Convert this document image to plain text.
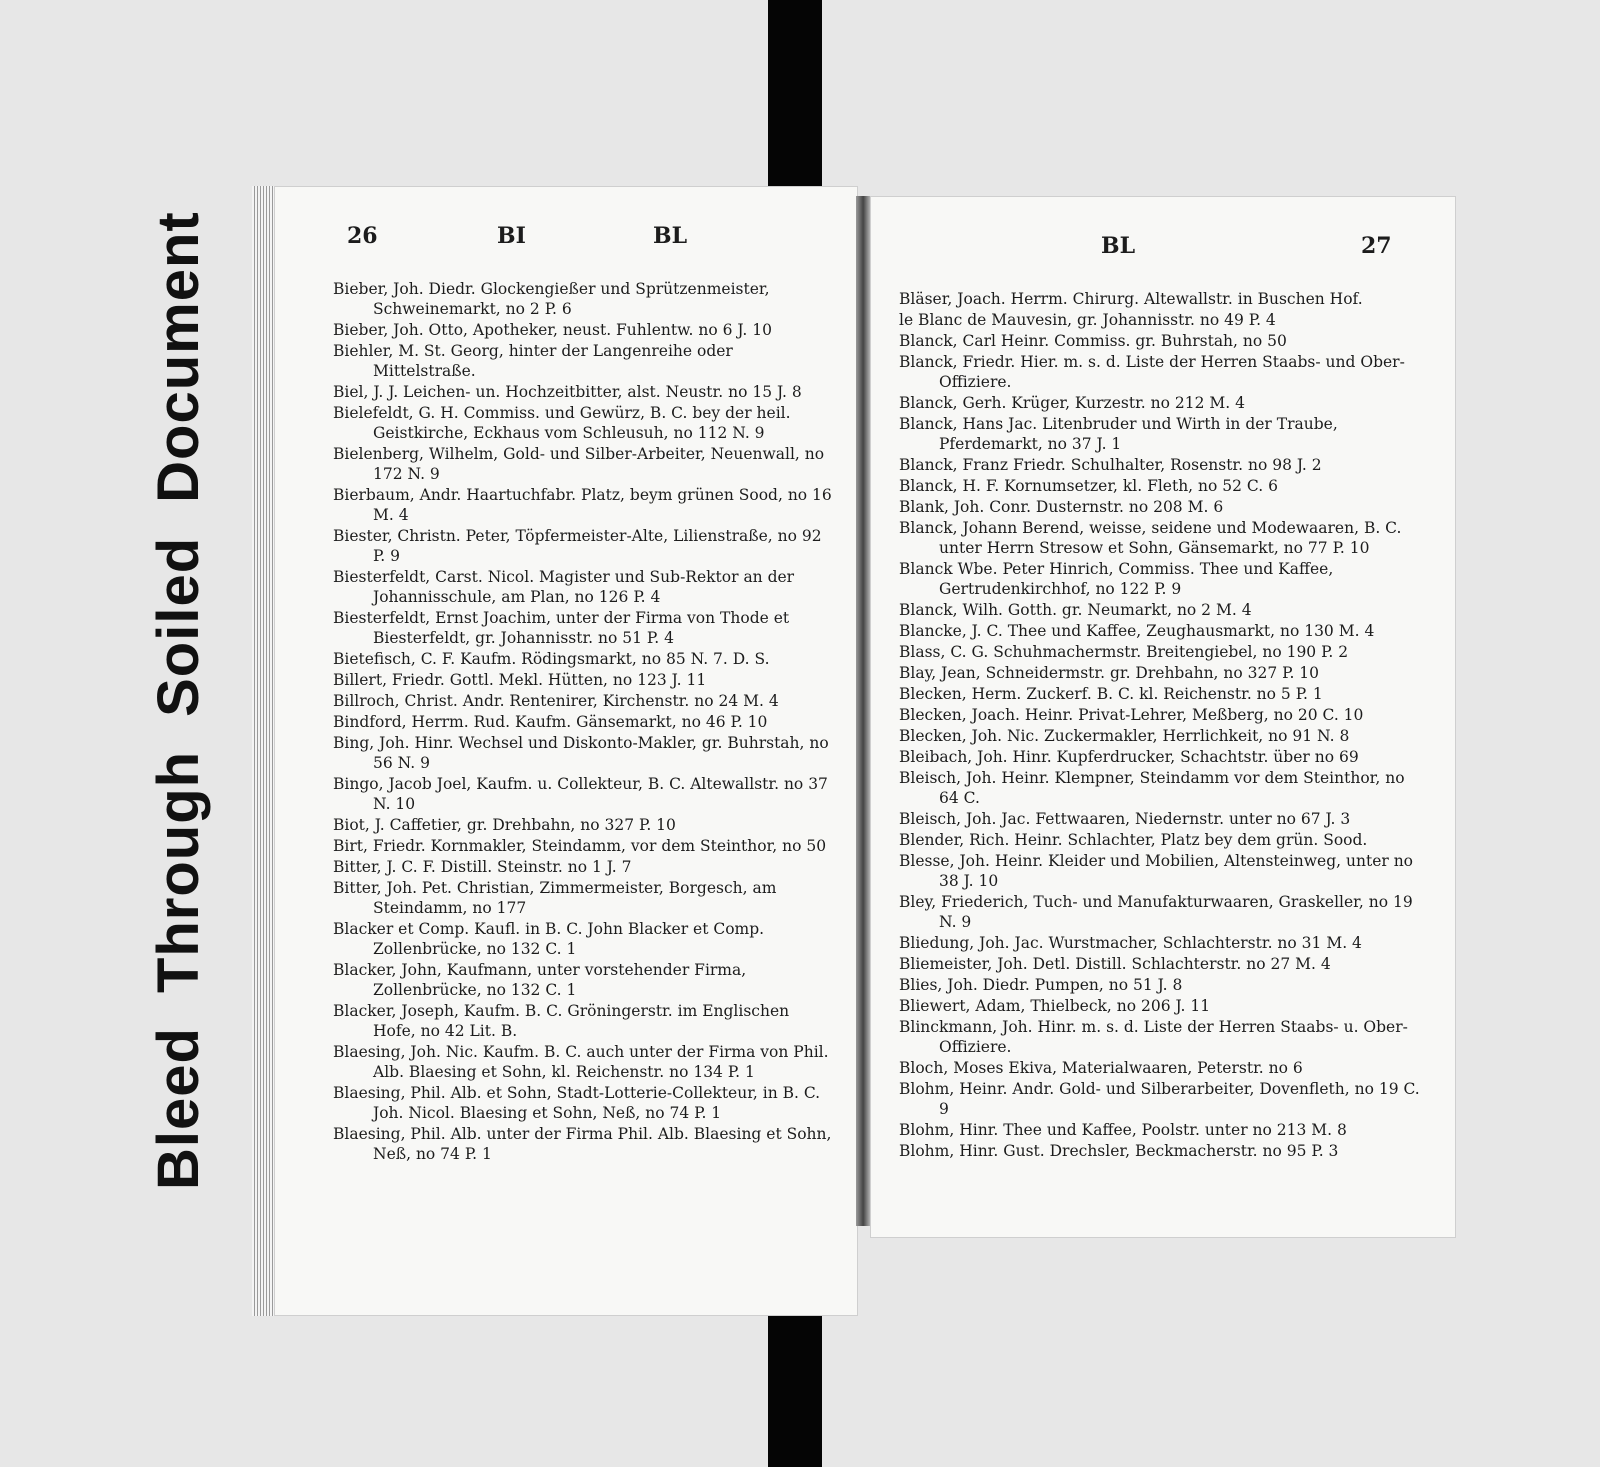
BleedThroughSoiledDocument	26	BI	BL

Bieber, Joh. Diedr. Glockengießer und Sprützenmeister, Schweinemarkt, no 2 P. 6

Bieber, Joh. Otto, Apotheker, neust. Fuhlentw. no 6 J. 10

Biehler, M. St. Georg, hinter der Langenreihe oder Mittelstraße.

Biel, J. J. Leichen- un. Hochzeitbitter, alst. Neustr. no 15 J. 8

Bielefeldt, G. H. Commiss. und Gewürz, B. C. bey der heil. Geistkirche, Eckhaus vom Schleusuh, no 112 N. 9

Bielenberg, Wilhelm, Gold- und Silber-Arbeiter, Neuenwall, no 172 N. 9

Bierbaum, Andr. Haartuchfabr. Platz, beym grünen Sood, no 16 M. 4

Biester, Christn. Peter, Töpfermeister-Alte, Lilienstraße, no 92 P. 9

Biesterfeldt, Carst. Nicol. Magister und Sub-Rektor an der Johannisschule, am Plan, no 126 P. 4

Biesterfeldt, Ernst Joachim, unter der Firma von Thode et Biesterfeldt, gr. Johannisstr. no 51 P. 4

Bietefisch, C. F. Kaufm. Rödingsmarkt, no 85 N. 7. D. S.

Billert, Friedr. Gottl. Mekl. Hütten, no 123 J. 11

Billroch, Christ. Andr. Rentenirer, Kirchenstr. no 24 M. 4

Bindford, Herrm. Rud. Kaufm. Gänsemarkt, no 46 P. 10

Bing, Joh. Hinr. Wechsel und Diskonto-Makler, gr. Buhrstah, no 56 N. 9

Bingo, Jacob Joel, Kaufm. u. Collekteur, B. C. Altewallstr. no 37 N. 10

Biot, J. Caffetier, gr. Drehbahn, no 327 P. 10

Birt, Friedr. Kornmakler, Steindamm, vor dem Steinthor, no 50

Bitter, J. C. F. Distill. Steinstr. no 1 J. 7

Bitter, Joh. Pet. Christian, Zimmermeister, Borgesch, am Steindamm, no 177

Blacker et Comp. Kaufl. in B. C. John Blacker et Comp. Zollenbrücke, no 132 C. 1

Blacker, John, Kaufmann, unter vorstehender Firma, Zollenbrücke, no 132 C. 1

Blacker, Joseph, Kaufm. B. C. Gröningerstr. im Englischen Hofe, no 42 Lit. B.

Blaesing, Joh. Nic. Kaufm. B. C. auch unter der Firma von Phil. Alb. Blaesing et Sohn, kl. Reichenstr. no 134 P. 1

Blaesing, Phil. Alb. et Sohn, Stadt-Lotterie-Collekteur, in B. C. Joh. Nicol. Blaesing et Sohn, Neß, no 74 P. 1

Blaesing, Phil. Alb. unter der Firma Phil. Alb. Blaesing et Sohn, Neß, no 74 P. 1

BL	27

Bläser, Joach. Herrm. Chirurg. Altewallstr. in Buschen Hof.

le Blanc de Mauvesin, gr. Johannisstr. no 49 P. 4

Blanck, Carl Heinr. Commiss. gr. Buhrstah, no 50

Blanck, Friedr. Hier. m. s. d. Liste der Herren Staabs- und Ober-Offiziere.

Blanck, Gerh. Krüger, Kurzestr. no 212 M. 4

Blanck, Hans Jac. Litenbruder und Wirth in der Traube, Pferdemarkt, no 37 J. 1

Blanck, Franz Friedr. Schulhalter, Rosenstr. no 98 J. 2

Blanck, H. F. Kornumsetzer, kl. Fleth, no 52 C. 6

Blank, Joh. Conr. Dusternstr. no 208 M. 6

Blanck, Johann Berend, weisse, seidene und Modewaaren, B. C. unter Herrn Stresow et Sohn, Gänsemarkt, no 77 P. 10

Blanck Wbe. Peter Hinrich, Commiss. Thee und Kaffee, Gertrudenkirchhof, no 122 P. 9

Blanck, Wilh. Gotth. gr. Neumarkt, no 2 M. 4

Blancke, J. C. Thee und Kaffee, Zeughausmarkt, no 130 M. 4

Blass, C. G. Schuhmachermstr. Breitengiebel, no 190 P. 2

Blay, Jean, Schneidermstr. gr. Drehbahn, no 327 P. 10

Blecken, Herm. Zuckerf. B. C. kl. Reichenstr. no 5 P. 1

Blecken, Joach. Heinr. Privat-Lehrer, Meßberg, no 20 C. 10

Blecken, Joh. Nic. Zuckermakler, Herrlichkeit, no 91 N. 8

Bleibach, Joh. Hinr. Kupferdrucker, Schachtstr. über no 69

Bleisch, Joh. Heinr. Klempner, Steindamm vor dem Steinthor, no 64 C.

Bleisch, Joh. Jac. Fettwaaren, Niedernstr. unter no 67 J. 3

Blender, Rich. Heinr. Schlachter, Platz bey dem grün. Sood.

Blesse, Joh. Heinr. Kleider und Mobilien, Altensteinweg, unter no 38 J. 10

Bley, Friederich, Tuch- und Manufakturwaaren, Graskeller, no 19 N. 9

Bliedung, Joh. Jac. Wurstmacher, Schlachterstr. no 31 M. 4

Bliemeister, Joh. Detl. Distill. Schlachterstr. no 27 M. 4

Blies, Joh. Diedr. Pumpen, no 51 J. 8

Bliewert, Adam, Thielbeck, no 206 J. 11

Blinckmann, Joh. Hinr. m. s. d. Liste der Herren Staabs- u. Ober-Offiziere.

Bloch, Moses Ekiva, Materialwaaren, Peterstr. no 6

Blohm, Heinr. Andr. Gold- und Silberarbeiter, Dovenfleth, no 19 C. 9

Blohm, Hinr. Thee und Kaffee, Poolstr. unter no 213 M. 8

Blohm, Hinr. Gust. Drechsler, Beckmacherstr. no 95 P. 3
